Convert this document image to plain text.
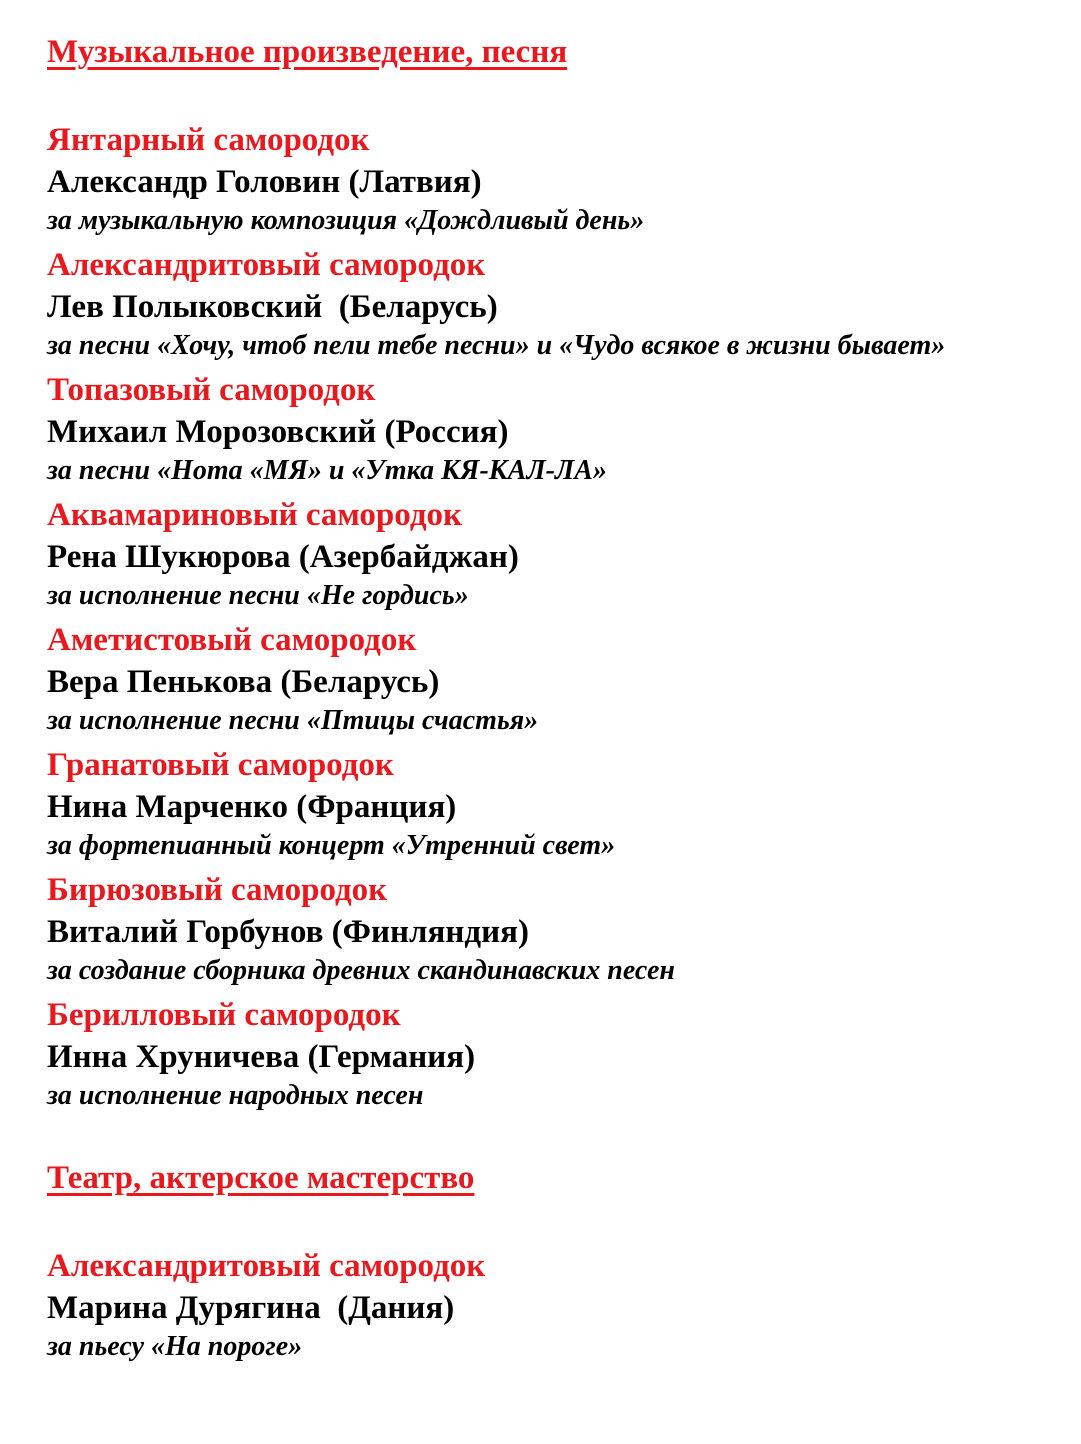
Музыкальное произведение, песня
Янтарный самородок
Александр Головин (Латвия)
за музыкальную композиция «Дождливый день»
Александритовый самородок
Лев Полыковский  (Беларусь)
за песни «Хочу, чтоб пели тебе песни» и «Чудо всякое в жизни бывает»
Топазовый самородок
Михаил Морозовский (Россия)
за песни «Нота «МЯ» и «Утка КЯ-КАЛ-ЛА»
Аквамариновый самородок
Рена Шукюрова (Азербайджан)
за исполнение песни «Не гордись»
Аметистовый самородок
Вера Пенькова (Беларусь)
за исполнение песни «Птицы счастья»
Гранатовый самородок
Нина Марченко (Франция)
за фортепианный концерт «Утренний свет»
Бирюзовый самородок
Виталий Горбунов (Финляндия)
за создание сборника древних скандинавских песен
Берилловый самородок
Инна Хруничева (Германия)
за исполнение народных песен
Театр, актерское мастерство
Александритовый самородок
Марина Дурягина  (Дания)
за пьесу «На пороге»
